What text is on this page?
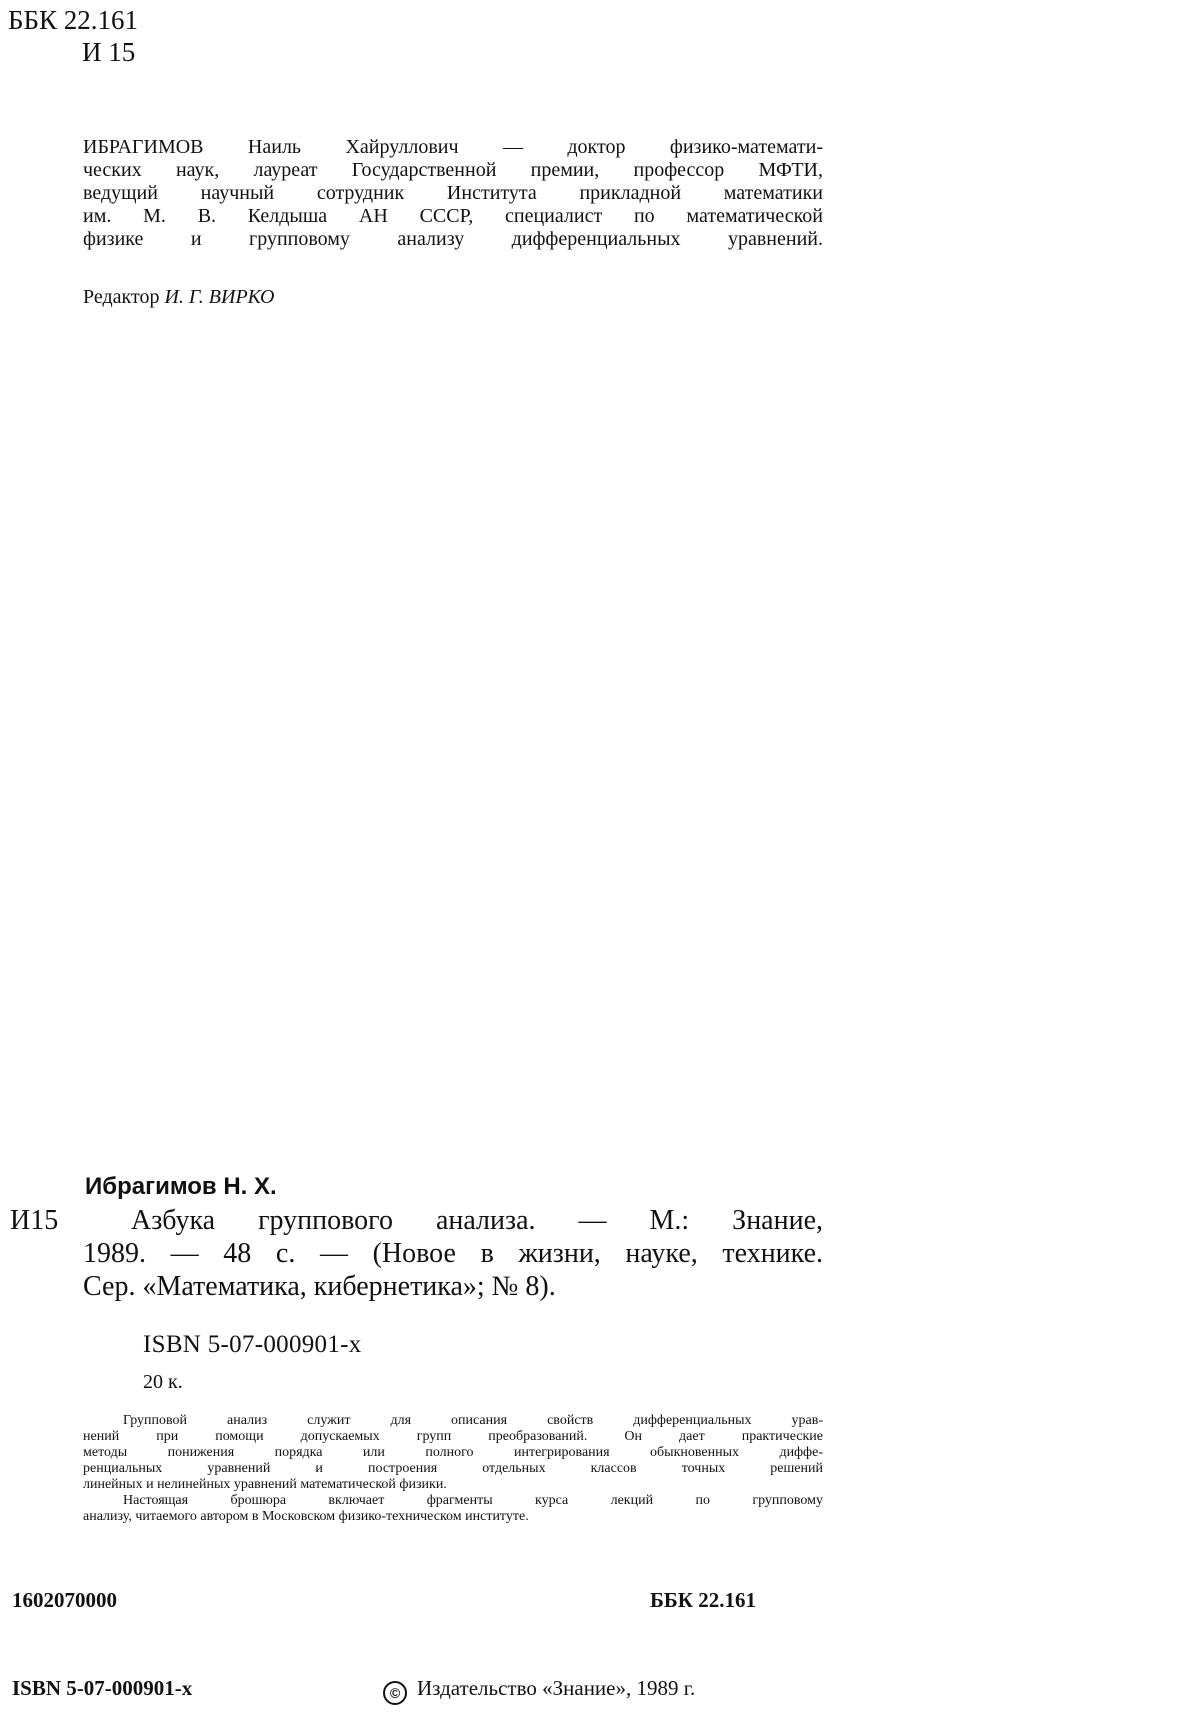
ББК 22.161
И 15
ИБРАГИМОВ Наиль Хайруллович — доктор физико-математи-
ческих наук, лауреат Государственной премии, профессор МФТИ,
ведущий научный сотрудник Института прикладной математики
им. М. В. Келдыша АН СССР, специалист по математической
физике и групповому анализу дифференциальных уравнений.
Редактор И. Г. ВИРКО
Ибрагимов Н. Х.
И15	Азбука группового анализа. — М.: Знание,
1989. — 48 с. — (Новое в жизни, науке, технике.
Сер. «Математика, кибернетика»; № 8).
ISBN 5-07-000901-х
20 к.
Групповой анализ служит для описания свойств дифференциальных урав-
нений при помощи допускаемых групп преобразований. Он дает практические
методы понижения порядка или полного интегрирования обыкновенных диффе-
ренциальных уравнений и построения отдельных классов точных решений
линейных и нелинейных уравнений математической физики.
Настоящая брошюра включает фрагменты курса лекций по групповому
анализу, читаемого автором в Московском физико-техническом институте.
1602070000	ББК 22.161
ISBN 5-07-000901-х	© Издательство «Знание», 1989 г.
